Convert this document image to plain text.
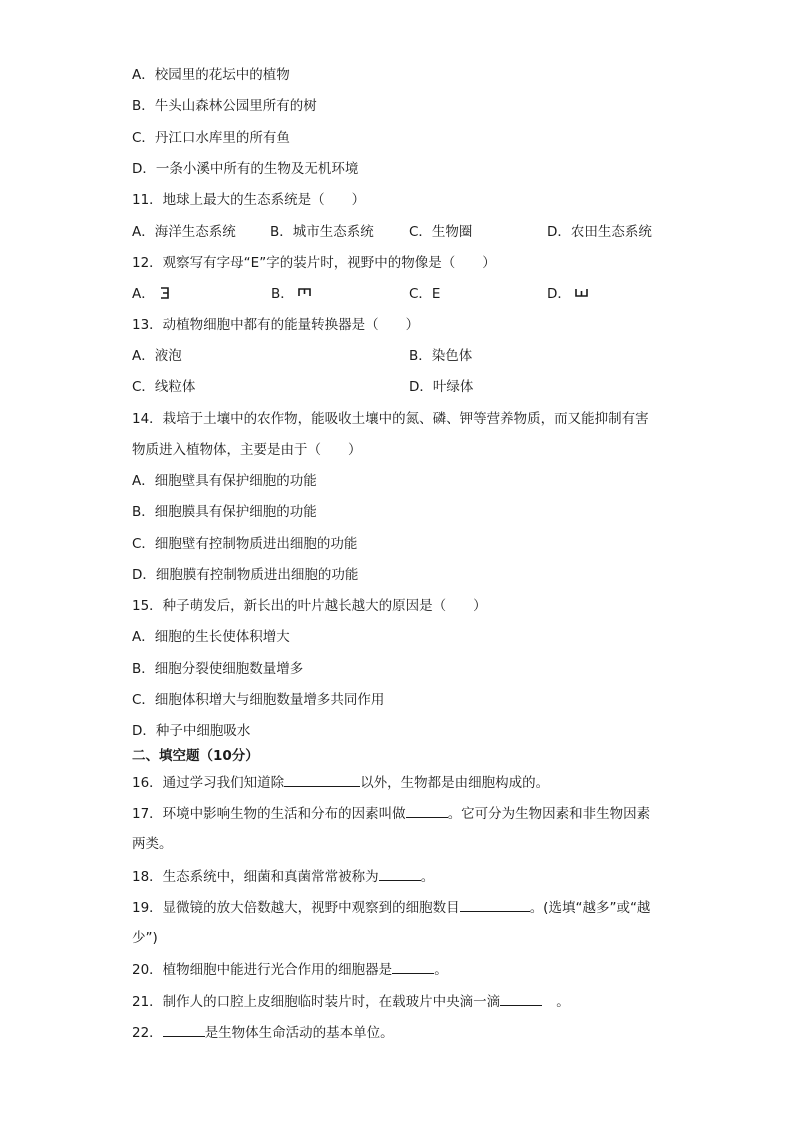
A．校园里的花坛中的植物
B．牛头山森林公园里所有的树
C．丹江口水库里的所有鱼
D．一条小溪中所有的生物及无机环境
11．地球上最大的生态系统是（　　）
A．海洋生态系统	B．城市生态系统	C．生物圈	D．农田生态系统
12．观察写有字母“E”字的装片时，视野中的物像是（　　）
A．	B．	C．E	D．
13．动植物细胞中都有的能量转换器是（　　）
A．液泡	B．染色体
C．线粒体	D．叶绿体
14．栽培于土壤中的农作物，能吸收土壤中的氮、磷、钾等营养物质，而又能抑制有害
物质进入植物体，主要是由于（　　）
A．细胞壁具有保护细胞的功能
B．细胞膜具有保护细胞的功能
C．细胞壁有控制物质进出细胞的功能
D．细胞膜有控制物质进出细胞的功能
15．种子萌发后，新长出的叶片越长越大的原因是（　　）
A．细胞的生长使体积增大
B．细胞分裂使细胞数量增多
C．细胞体积增大与细胞数量增多共同作用
D．种子中细胞吸水
二、填空题（10分）
16．通过学习我们知道除	以外，生物都是由细胞构成的。
17．环境中影响生物的生活和分布的因素叫做	。它可分为生物因素和非生物因素
两类。
18．生态系统中，细菌和真菌常常被称为	。
19．显微镜的放大倍数越大，视野中观察到的细胞数目	。(选填“越多”或“越
少”)
20．植物细胞中能进行光合作用的细胞器是	。
21．制作人的口腔上皮细胞临时装片时，在载玻片中央滴一滴	。
22．	是生物体生命活动的基本单位。
